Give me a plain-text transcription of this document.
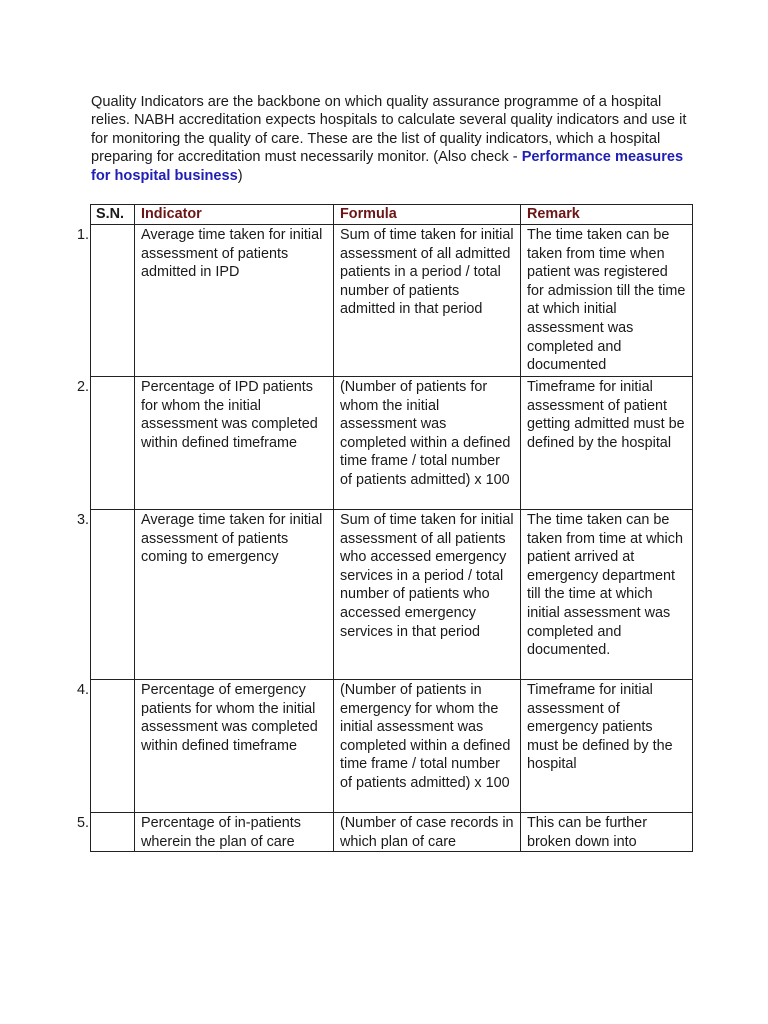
Quality Indicators are the backbone on which quality assurance programme of a hospital relies. NABH accreditation expects hospitals to calculate several quality indicators and use it for monitoring the quality of care. These are the list of quality indicators, which a hospital preparing for accreditation must necessarily monitor. (Also check - Performance measures for hospital business)
S.N.	Indicator	Formula	Remark

1.	Average time taken for initial assessment of patients admitted in IPD	Sum of time taken for initial assessment of all admitted patients in a period / total number of patients admitted in that period	The time taken can be taken from time when patient was registered for admission till the time at which initial assessment was completed and documented

2.	Percentage of IPD patients for whom the initial assessment was completed within defined timeframe	(Number of patients for whom the initial assessment was completed within a defined time frame / total number of patients admitted) x 100	Timeframe for initial assessment of patient getting admitted must be defined by the hospital

3.	Average time taken for initial assessment of patients coming to emergency	Sum of time taken for initial assessment of all patients who accessed emergency services in a period / total number of patients who accessed emergency services in that period	The time taken can be taken from time at which patient arrived at emergency department till the time at which initial assessment was completed and documented.

4.	Percentage of emergency patients for whom the initial assessment was completed within defined timeframe	(Number of patients in emergency for whom the initial assessment was completed within a defined time frame / total number of patients admitted) x 100	Timeframe for initial assessment of emergency patients must be defined by the hospital

5.	Percentage of in-patients wherein the plan of care	(Number of case records in which plan of care	This can be further broken down into
